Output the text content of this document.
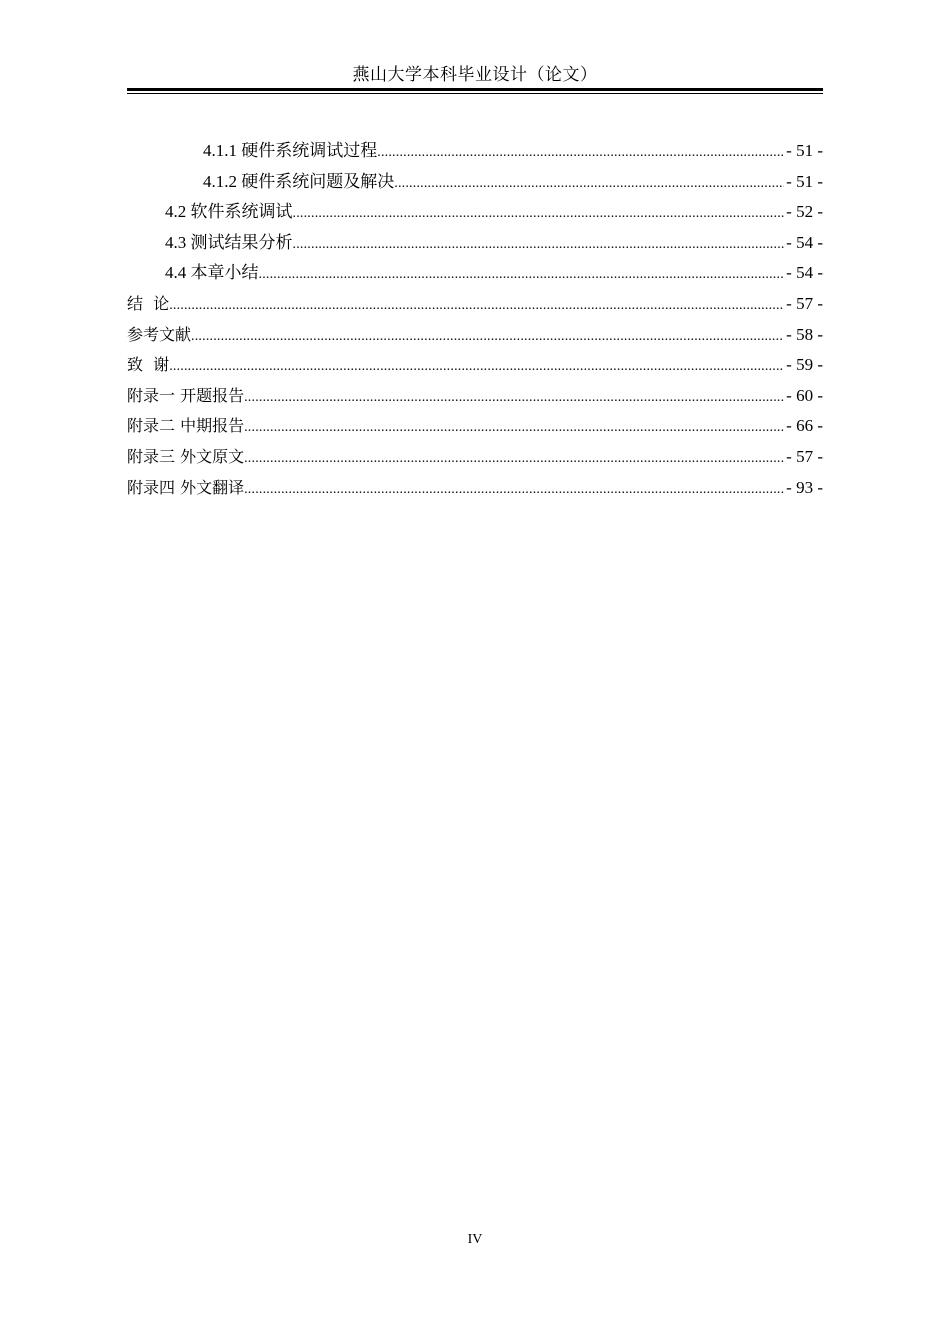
燕山大学本科毕业设计（论文）
4.1.1 硬件系统调试过程 .....	- 51 -
4.1.2 硬件系统问题及解决 .....	- 51 -
4.2 软件系统调试 .....	- 52 -
4.3 测试结果分析 .....	- 54 -
4.4 本章小结 .....	- 54 -
结  论 .....	- 57 -
参考文献 .....	- 58 -
致  谢 .....	- 59 -
附录一 开题报告 .....	- 60 -
附录二 中期报告 .....	- 66 -
附录三 外文原文 .....	- 57 -
附录四 外文翻译 .....	- 93 -
IV
